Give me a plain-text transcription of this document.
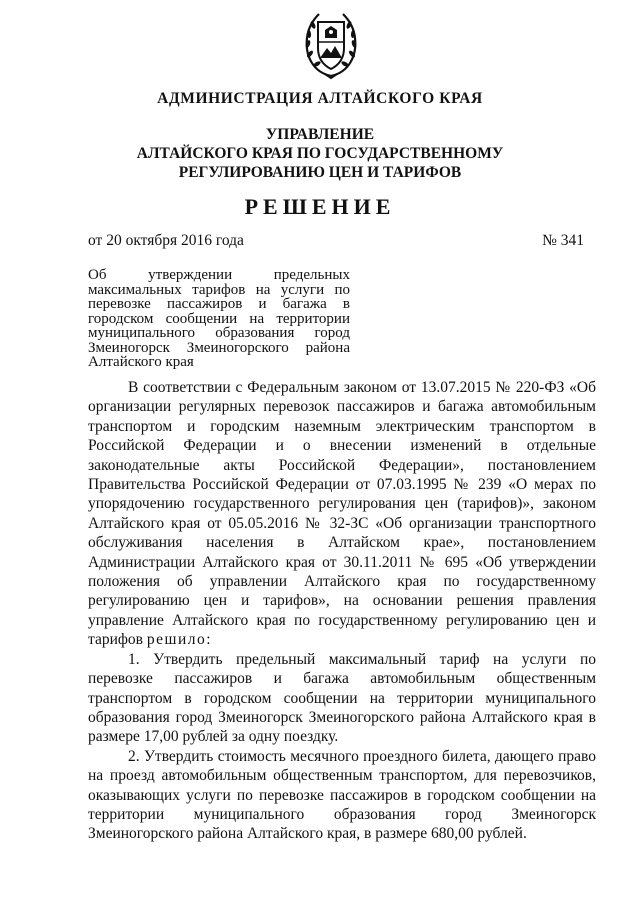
АДМИНИСТРАЦИЯ АЛТАЙСКОГО КРАЯ
УПРАВЛЕНИЕ
АЛТАЙСКОГО КРАЯ ПО ГОСУДАРСТВЕННОМУ
РЕГУЛИРОВАНИЮ ЦЕН И ТАРИФОВ
РЕШЕНИЕ
от 20 октября 2016 года	№ 341
Об утверждении предельных максимальных тарифов на услуги по перевозке пассажиров и багажа в городском сообщении на территории муниципального образования город Змеиногорск Змеиногорского района Алтайского края

В соответствии с Федеральным законом от 13.07.2015 № 220-ФЗ «Об организации регулярных перевозок пассажиров и багажа автомобильным транспортом и городским наземным электрическим транспортом в Российской Федерации и о внесении изменений в отдельные законодательные акты Российской Федерации», постановлением Правительства Российской Федерации от 07.03.1995 № 239 «О мерах по упорядочению государственного регулирования цен (тарифов)», законом Алтайского края от 05.05.2016 № 32-ЗС «Об организации транспортного обслуживания населения в Алтайском крае», постановлением Администрации Алтайского края от 30.11.2011 № 695 «Об утверждении положения об управлении Алтайского края по государственному регулированию цен и тарифов», на основании решения правления управление Алтайского края по государственному регулированию цен и тарифов решило:

1. Утвердить предельный максимальный тариф на услуги по перевозке пассажиров и багажа автомобильным общественным транспортом в городском сообщении на территории муниципального образования город Змеиногорск Змеиногорского района Алтайского края в размере 17,00 рублей за одну поездку.

2. Утвердить стоимость месячного проездного билета, дающего право на проезд автомобильным общественным транспортом, для перевозчиков, оказывающих услуги по перевозке пассажиров в городском сообщении на территории муниципального образования город Змеиногорск Змеиногорского района Алтайского края, в размере 680,00 рублей.
